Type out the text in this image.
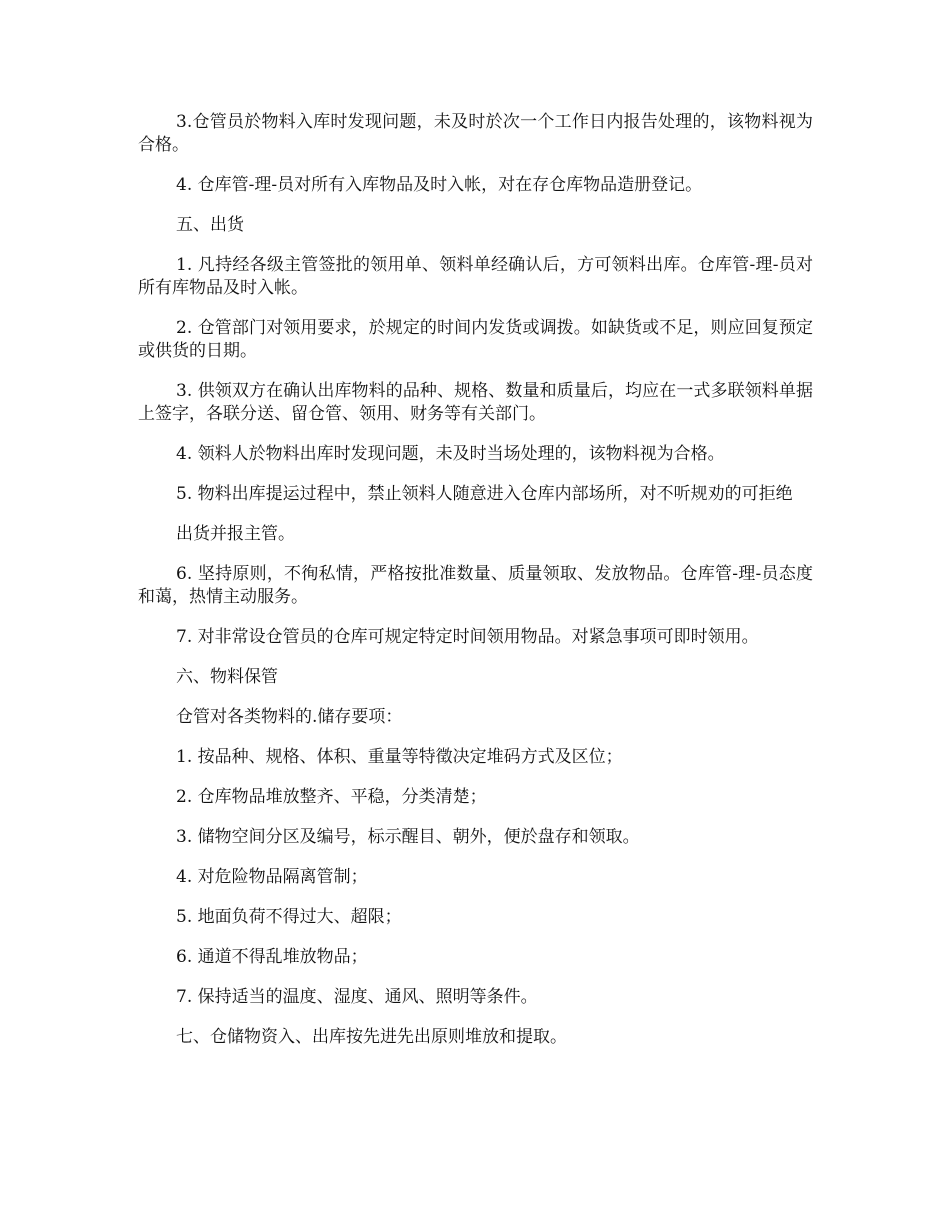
3.仓管员於物料入库时发现问题，未及时於次一个工作日内报告处理的，该物料视为合格。

4. 仓库管-理-员对所有入库物品及时入帐，对在存仓库物品造册登记。

五、出货

1. 凡持经各级主管签批的领用单、领料单经确认后，方可领料出库。仓库管-理-员对所有库物品及时入帐。

2. 仓管部门对领用要求，於规定的时间内发货或调拨。如缺货或不足，则应回复预定或供货的日期。

3. 供领双方在确认出库物料的品种、规格、数量和质量后，均应在一式多联领料单据上签字，各联分送、留仓管、领用、财务等有关部门。

4. 领料人於物料出库时发现问题，未及时当场处理的，该物料视为合格。

5. 物料出库提运过程中，禁止领料人随意进入仓库内部场所，对不听规劝的可拒绝

出货并报主管。

6. 坚持原则，不徇私情，严格按批准数量、质量领取、发放物品。仓库管-理-员态度和蔼，热情主动服务。

7. 对非常设仓管员的仓库可规定特定时间领用物品。对紧急事项可即时领用。

六、物料保管

仓管对各类物料的.储存要项：

1. 按品种、规格、体积、重量等特徵决定堆码方式及区位；

2. 仓库物品堆放整齐、平稳，分类清楚；

3. 储物空间分区及编号，标示醒目、朝外，便於盘存和领取。

4. 对危险物品隔离管制；

5. 地面负荷不得过大、超限；

6. 通道不得乱堆放物品；

7. 保持适当的温度、湿度、通风、照明等条件。

七、仓储物资入、出库按先进先出原则堆放和提取。
